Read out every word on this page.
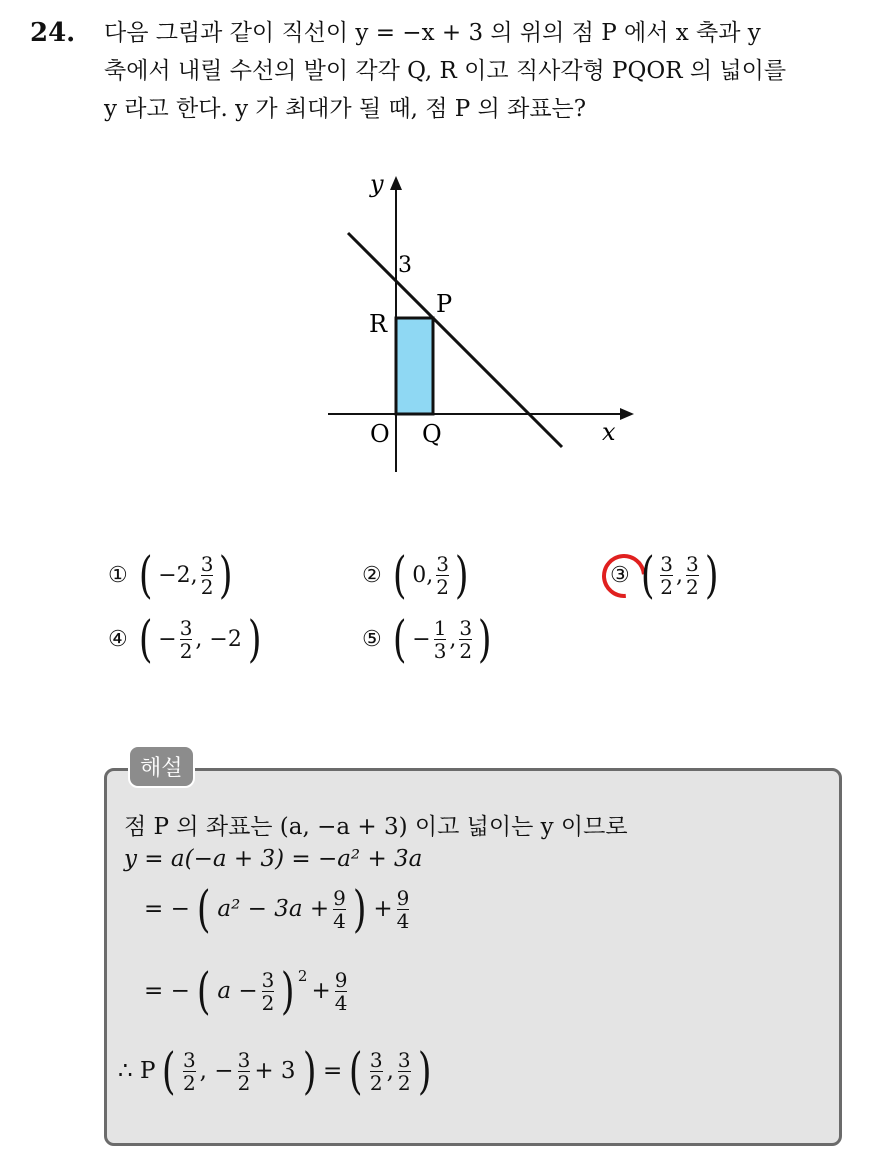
24. 다음 그림과 같이 직선이 y = −x + 3 의 위의 점 P 에서 x 축과 y
축에서 내릴 수선의 발이 각각 Q, R 이고 직사각형 PQOR 의 넓이를
y 라고 한다. y 가 최대가 될 때, 점 P 의 좌표는?
y
x
3
P
R
O Q
① ( −2, $\frac{3}{2}$ )	② ( 0, $\frac{3}{2}$ )	③ ( $\frac{3}{2}$ , $\frac{3}{2}$ )
④ ( − $\frac{3}{2}$ , −2 )	⑤ ( − $\frac{1}{3}$ , $\frac{3}{2}$ )
해설
점 P 의 좌표는 (a, −a + 3) 이고 넓이는 y 이므로
y = a(−a + 3) = −a² + 3a
= − ( $a^2 - 3a + \frac{9}{4}$ ) + $\frac{9}{4}$
= − ( $a - \frac{3}{2} )^2$
+ $\frac{9}{4}$
∴ P ( $\frac{3}{2}$ , − $\frac{3}{2} + 3$ ) = ( $\frac{3}{2}$ , $\frac{3}{2}$ )
